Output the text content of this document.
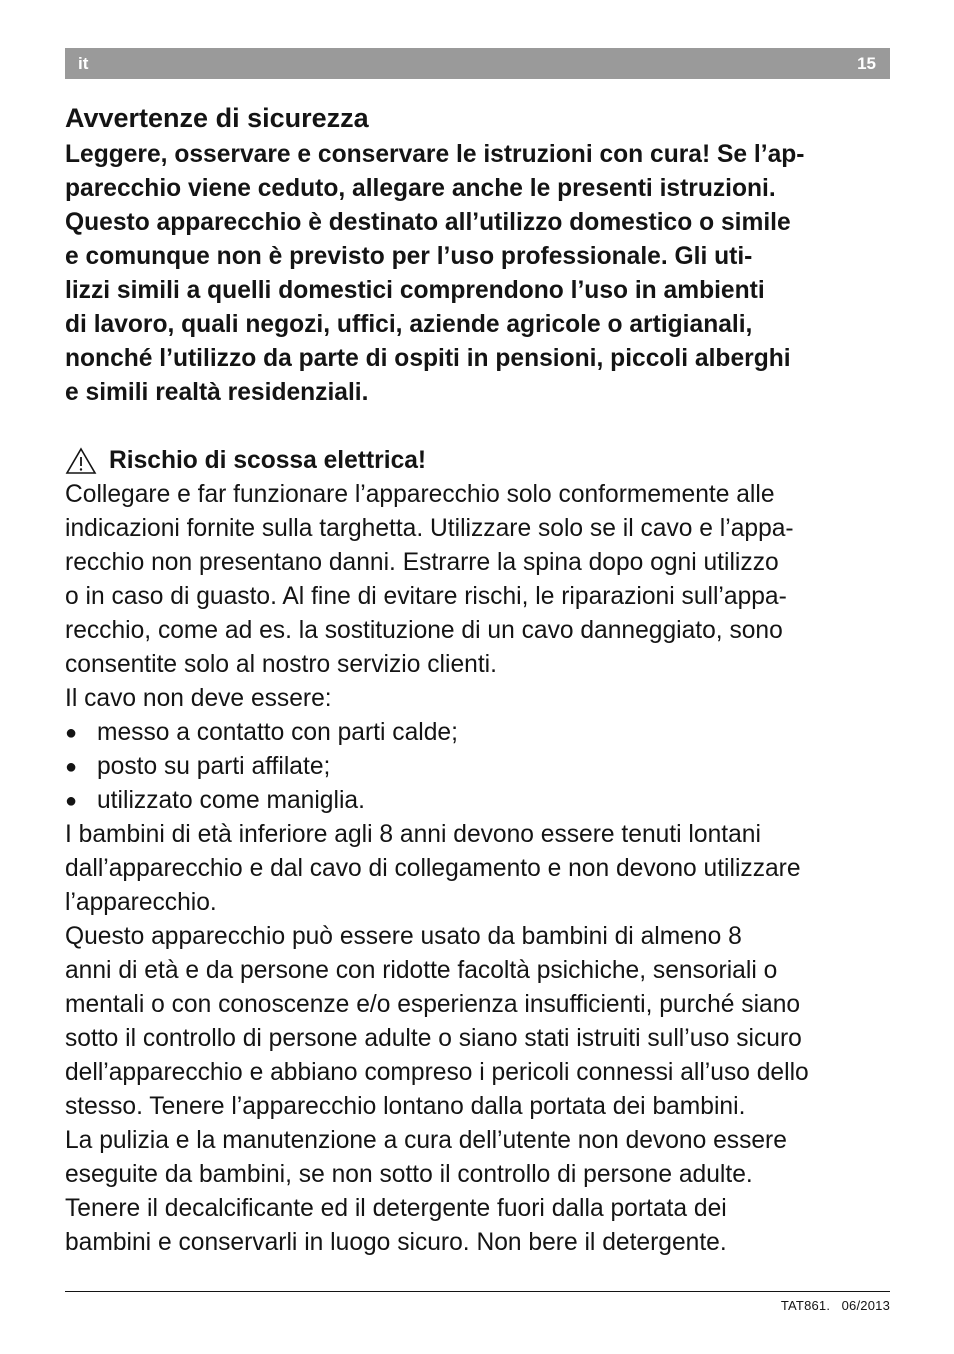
it	15
Avvertenze di sicurezza

Leggere, osservare e conservare le istruzioni con cura! Se l’ap-
parecchio viene ceduto, allegare anche le presenti istruzioni.
Questo apparecchio è destinato all’utilizzo domestico o simile
e comunque non è previsto per l’uso professionale. Gli uti-
lizzi simili a quelli domestici comprendono l’uso in ambienti
di lavoro, quali negozi, uffici, aziende agricole o artigianali,
nonché l’utilizzo da parte di ospiti in pensioni, piccoli alberghi
e simili realtà residenziali.

Rischio di scossa elettrica!

Collegare e far funzionare l’apparecchio solo conformemente alle
indicazioni fornite sulla targhetta. Utilizzare solo se il cavo e l’appa-
recchio non presentano danni. Estrarre la spina dopo ogni utilizzo
o in caso di guasto. Al fine di evitare rischi, le riparazioni sull’appa-
recchio, come ad es. la sostituzione di un cavo danneggiato, sono
consentite solo al nostro servizio clienti.

Il cavo non deve essere:

● messo a contatto con parti calde;
● posto su parti affilate;
● utilizzato come maniglia.

I bambini di età inferiore agli 8 anni devono essere tenuti lontani
dall’apparecchio e dal cavo di collegamento e non devono utilizzare
l’apparecchio.

Questo apparecchio può essere usato da bambini di almeno 8
anni di età e da persone con ridotte facoltà psichiche, sensoriali o
mentali o con conoscenze e/o esperienza insufficienti, purché siano
sotto il controllo di persone adulte o siano stati istruiti sull’uso sicuro
dell’apparecchio e abbiano compreso i pericoli connessi all’uso dello
stesso. Tenere l’apparecchio lontano dalla portata dei bambini.

La pulizia e la manutenzione a cura dell’utente non devono essere
eseguite da bambini, se non sotto il controllo di persone adulte.

Tenere il decalcificante ed il detergente fuori dalla portata dei
bambini e conservarli in luogo sicuro. Non bere il detergente.

TAT861.   06/2013
